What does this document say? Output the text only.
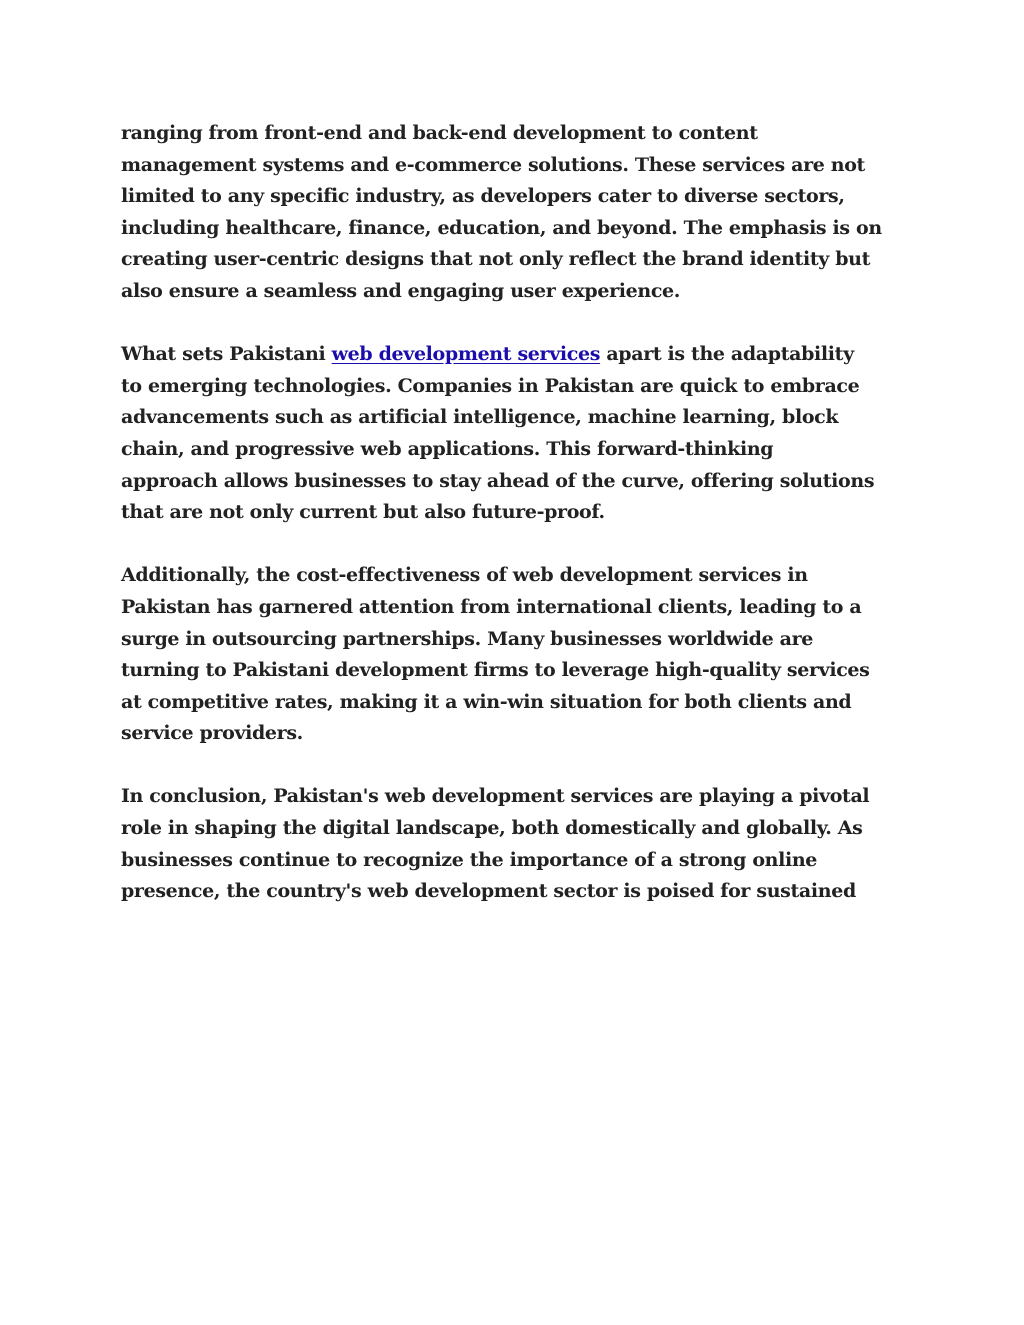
ranging from front-end and back-end development to content
management systems and e-commerce solutions. These services are not
limited to any specific industry, as developers cater to diverse sectors,
including healthcare, finance, education, and beyond. The emphasis is on
creating user-centric designs that not only reflect the brand identity but
also ensure a seamless and engaging user experience.

What sets Pakistani web development services apart is the adaptability
to emerging technologies. Companies in Pakistan are quick to embrace
advancements such as artificial intelligence, machine learning, block
chain, and progressive web applications. This forward-thinking
approach allows businesses to stay ahead of the curve, offering solutions
that are not only current but also future-proof.

Additionally, the cost-effectiveness of web development services in
Pakistan has garnered attention from international clients, leading to a
surge in outsourcing partnerships. Many businesses worldwide are
turning to Pakistani development firms to leverage high-quality services
at competitive rates, making it a win-win situation for both clients and
service providers.

In conclusion, Pakistan's web development services are playing a pivotal
role in shaping the digital landscape, both domestically and globally. As
businesses continue to recognize the importance of a strong online
presence, the country's web development sector is poised for sustained
